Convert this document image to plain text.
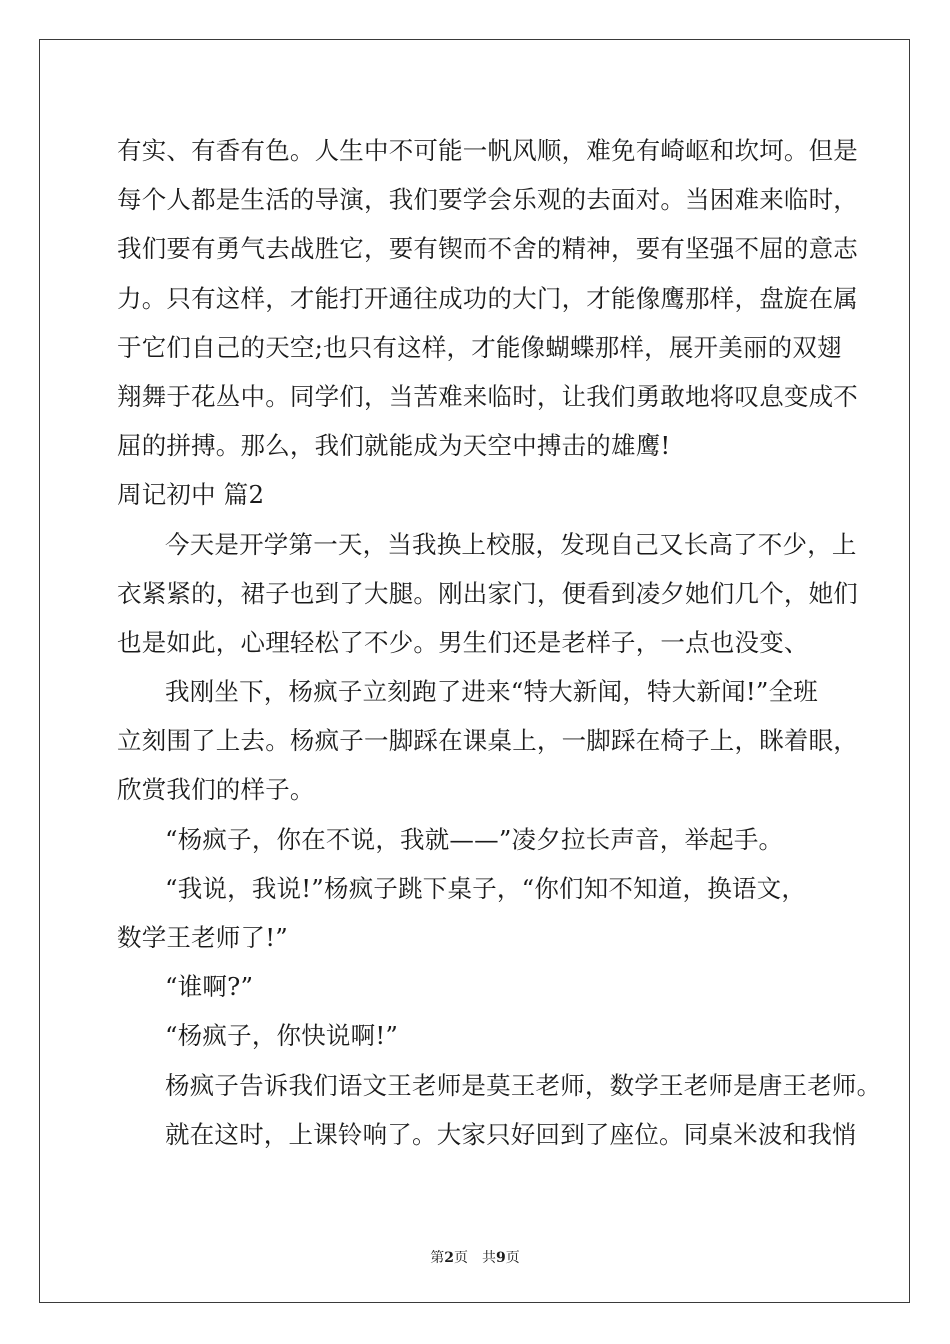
有实、有香有色。人生中不可能一帆风顺，难免有崎岖和坎坷。但是
每个人都是生活的导演，我们要学会乐观的去面对。当困难来临时，
我们要有勇气去战胜它，要有锲而不舍的精神，要有坚强不屈的意志
力。只有这样，才能打开通往成功的大门，才能像鹰那样，盘旋在属
于它们自己的天空;也只有这样，才能像蝴蝶那样，展开美丽的双翅
翔舞于花丛中。同学们，当苦难来临时，让我们勇敢地将叹息变成不
屈的拼搏。那么，我们就能成为天空中搏击的雄鹰!
周记初中 篇2
今天是开学第一天，当我换上校服，发现自己又长高了不少，上
衣紧紧的，裙子也到了大腿。刚出家门，便看到凌夕她们几个，她们
也是如此，心理轻松了不少。男生们还是老样子，一点也没变、
我刚坐下，杨疯子立刻跑了进来“特大新闻，特大新闻!”全班
立刻围了上去。杨疯子一脚踩在课桌上，一脚踩在椅子上，眯着眼，
欣赏我们的样子。
“杨疯子，你在不说，我就——”凌夕拉长声音，举起手。
“我说，我说!”杨疯子跳下桌子，“你们知不知道，换语文，
数学王老师了!”
“谁啊?”
“杨疯子，你快说啊!”
杨疯子告诉我们语文王老师是莫王老师，数学王老师是唐王老师。
就在这时，上课铃响了。大家只好回到了座位。同桌米波和我悄
第2页 共9页
